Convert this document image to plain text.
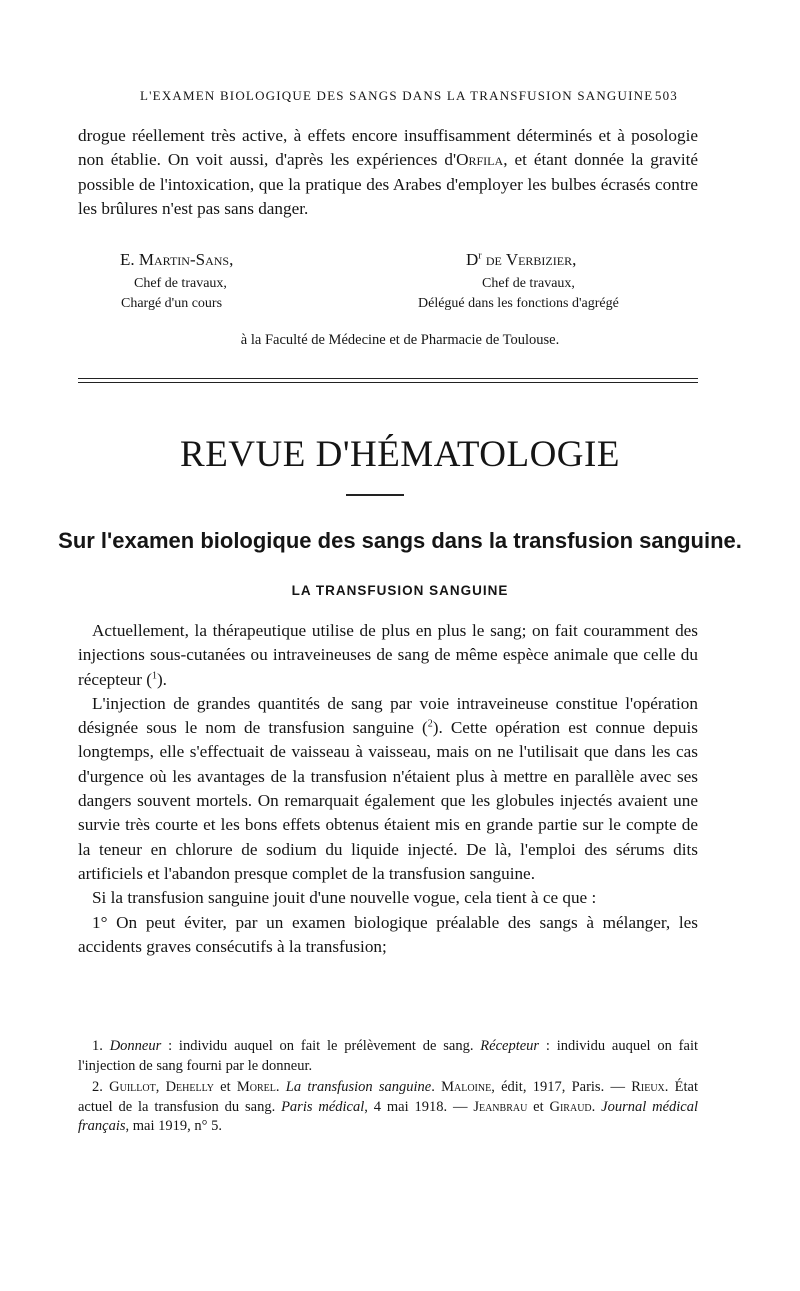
L'EXAMEN BIOLOGIQUE DES SANGS DANS LA TRANSFUSION SANGUINE 503

drogue réellement très active, à effets encore insuffisamment déterminés et à posologie non établie. On voit aussi, d'après les expériences d'Orfila, et étant donnée la gravité possible de l'intoxication, que la pratique des Arabes d'employer les bulbes écrasés contre les brûlures n'est pas sans danger.

E. Martin-Sans,	$D^r$ de Verbizier,
Chef de travaux,
Chargé d'un cours
Chef de travaux,
Délégué dans les fonctions d'agrégé
à la Faculté de Médecine et de Pharmacie de Toulouse.
REVUE D'HÉMATOLOGIE
Sur l'examen biologique des sangs dans la transfusion sanguine.
LA TRANSFUSION SANGUINE

Actuellement, la thérapeutique utilise de plus en plus le sang; on fait couramment des injections sous-cutanées ou intraveineuses de sang de même espèce animale que celle du récepteur ($^1$).

L'injection de grandes quantités de sang par voie intraveineuse constitue l'opération désignée sous le nom de transfusion sanguine ($^2$). Cette opération est connue depuis longtemps, elle s'effectuait de vaisseau à vaisseau, mais on ne l'utilisait que dans les cas d'urgence où les avantages de la transfusion n'étaient plus à mettre en parallèle avec ses dangers souvent mortels. On remarquait également que les globules injectés avaient une survie très courte et les bons effets obtenus étaient mis en grande partie sur le compte de la teneur en chlorure de sodium du liquide injecté. De là, l'emploi des sérums dits artificiels et l'abandon presque complet de la transfusion sanguine.

Si la transfusion sanguine jouit d'une nouvelle vogue, cela tient à ce que :

1° On peut éviter, par un examen biologique préalable des sangs à mélanger, les accidents graves consécutifs à la transfusion;

1. Donneur : individu auquel on fait le prélèvement de sang. Récepteur : individu auquel on fait l'injection de sang fourni par le donneur.

2. Guillot, Dehelly et Morel. La transfusion sanguine. Maloine, édit, 1917, Paris. — Rieux. État actuel de la transfusion du sang. Paris médical, 4 mai 1918. — Jeanbrau et Giraud. Journal médical français, mai 1919, n° 5.
